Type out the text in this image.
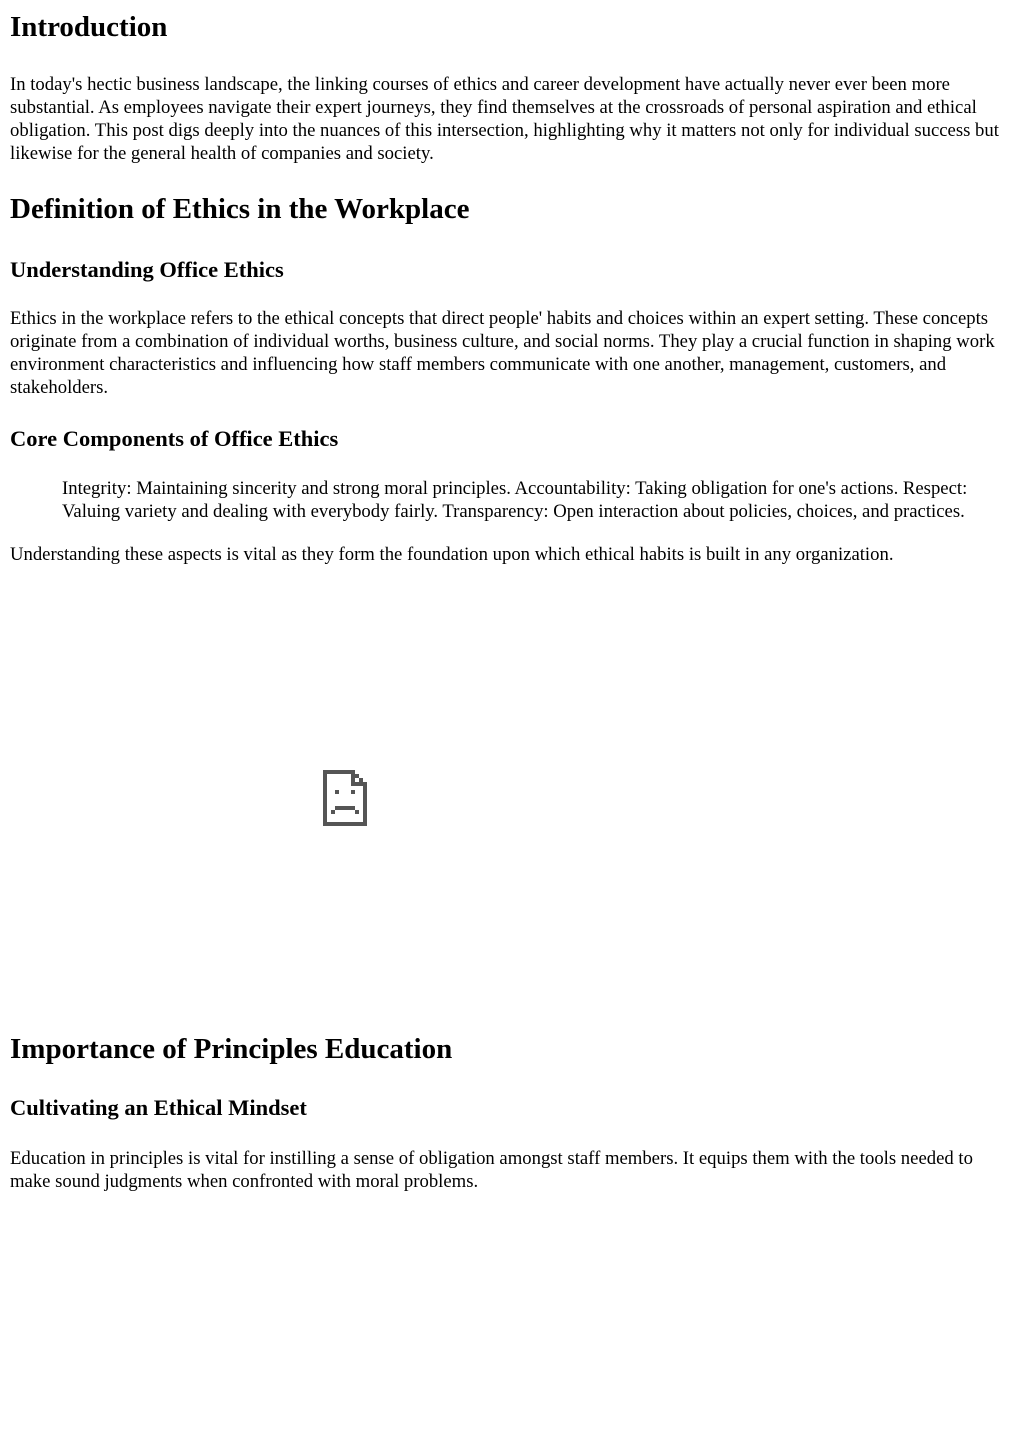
Introduction

In today's hectic business landscape, the linking courses of ethics and career development have actually never ever been more substantial. As employees navigate their expert journeys, they find themselves at the crossroads of personal aspiration and ethical obligation. This post digs deeply into the nuances of this intersection, highlighting why it matters not only for individual success but likewise for the general health of companies and society.

Definition of Ethics in the Workplace
Understanding Office Ethics

Ethics in the workplace refers to the ethical concepts that direct people' habits and choices within an expert setting. These concepts originate from a combination of individual worths, business culture, and social norms. They play a crucial function in shaping work environment characteristics and influencing how staff members communicate with one another, management, customers, and stakeholders.

Core Components of Office Ethics
Integrity: Maintaining sincerity and strong moral principles. Accountability: Taking obligation for one's actions. Respect: Valuing variety and dealing with everybody fairly. Transparency: Open interaction about policies, choices, and practices.

Understanding these aspects is vital as they form the foundation upon which ethical habits is built in any organization.

Importance of Principles Education
Cultivating an Ethical Mindset

Education in principles is vital for instilling a sense of obligation amongst staff members. It equips them with the tools needed to make sound judgments when confronted with moral problems.
